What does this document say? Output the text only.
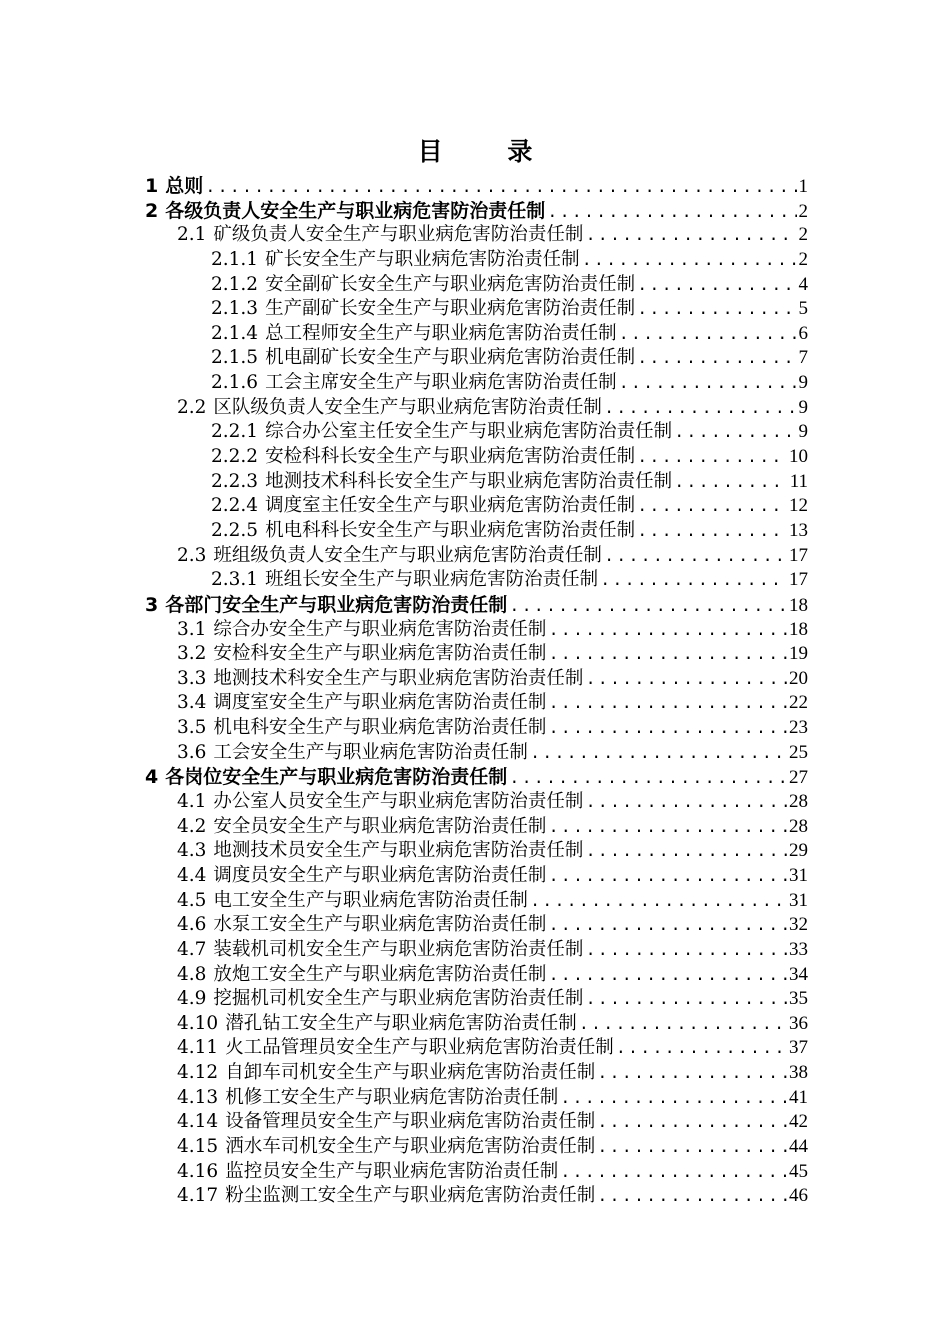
目 录
1 总则 .....	1
2 各级负责人安全生产与职业病危害防治责任制 .....	2
2.1 矿级负责人安全生产与职业病危害防治责任制 .....	2
2.1.1 矿长安全生产与职业病危害防治责任制 .....	2
2.1.2 安全副矿长安全生产与职业病危害防治责任制 .....	4
2.1.3 生产副矿长安全生产与职业病危害防治责任制 .....	5
2.1.4 总工程师安全生产与职业病危害防治责任制 .....	6
2.1.5 机电副矿长安全生产与职业病危害防治责任制 .....	7
2.1.6 工会主席安全生产与职业病危害防治责任制 .....	9
2.2 区队级负责人安全生产与职业病危害防治责任制 .....	9
2.2.1 综合办公室主任安全生产与职业病危害防治责任制 .....	9
2.2.2 安检科科长安全生产与职业病危害防治责任制 .....	10
2.2.3 地测技术科科长安全生产与职业病危害防治责任制 .....	11
2.2.4 调度室主任安全生产与职业病危害防治责任制 .....	12
2.2.5 机电科科长安全生产与职业病危害防治责任制 .....	13
2.3 班组级负责人安全生产与职业病危害防治责任制 .....	17
2.3.1 班组长安全生产与职业病危害防治责任制 .....	17
3 各部门安全生产与职业病危害防治责任制 .....	18
3.1 综合办安全生产与职业病危害防治责任制 .....	18
3.2 安检科安全生产与职业病危害防治责任制 .....	19
3.3 地测技术科安全生产与职业病危害防治责任制 .....	20
3.4 调度室安全生产与职业病危害防治责任制 .....	22
3.5 机电科安全生产与职业病危害防治责任制 .....	23
3.6 工会安全生产与职业病危害防治责任制 .....	25
4 各岗位安全生产与职业病危害防治责任制 .....	27
4.1 办公室人员安全生产与职业病危害防治责任制 .....	28
4.2 安全员安全生产与职业病危害防治责任制 .....	28
4.3 地测技术员安全生产与职业病危害防治责任制 .....	29
4.4 调度员安全生产与职业病危害防治责任制 .....	31
4.5 电工安全生产与职业病危害防治责任制 .....	31
4.6 水泵工安全生产与职业病危害防治责任制 .....	32
4.7 装载机司机安全生产与职业病危害防治责任制 .....	33
4.8 放炮工安全生产与职业病危害防治责任制 .....	34
4.9 挖掘机司机安全生产与职业病危害防治责任制 .....	35
4.10 潜孔钻工安全生产与职业病危害防治责任制 .....	36
4.11 火工品管理员安全生产与职业病危害防治责任制 .....	37
4.12 自卸车司机安全生产与职业病危害防治责任制 .....	38
4.13 机修工安全生产与职业病危害防治责任制 .....	41
4.14 设备管理员安全生产与职业病危害防治责任制 .....	42
4.15 洒水车司机安全生产与职业病危害防治责任制 .....	44
4.16 监控员安全生产与职业病危害防治责任制 .....	45
4.17 粉尘监测工安全生产与职业病危害防治责任制 .....	46
